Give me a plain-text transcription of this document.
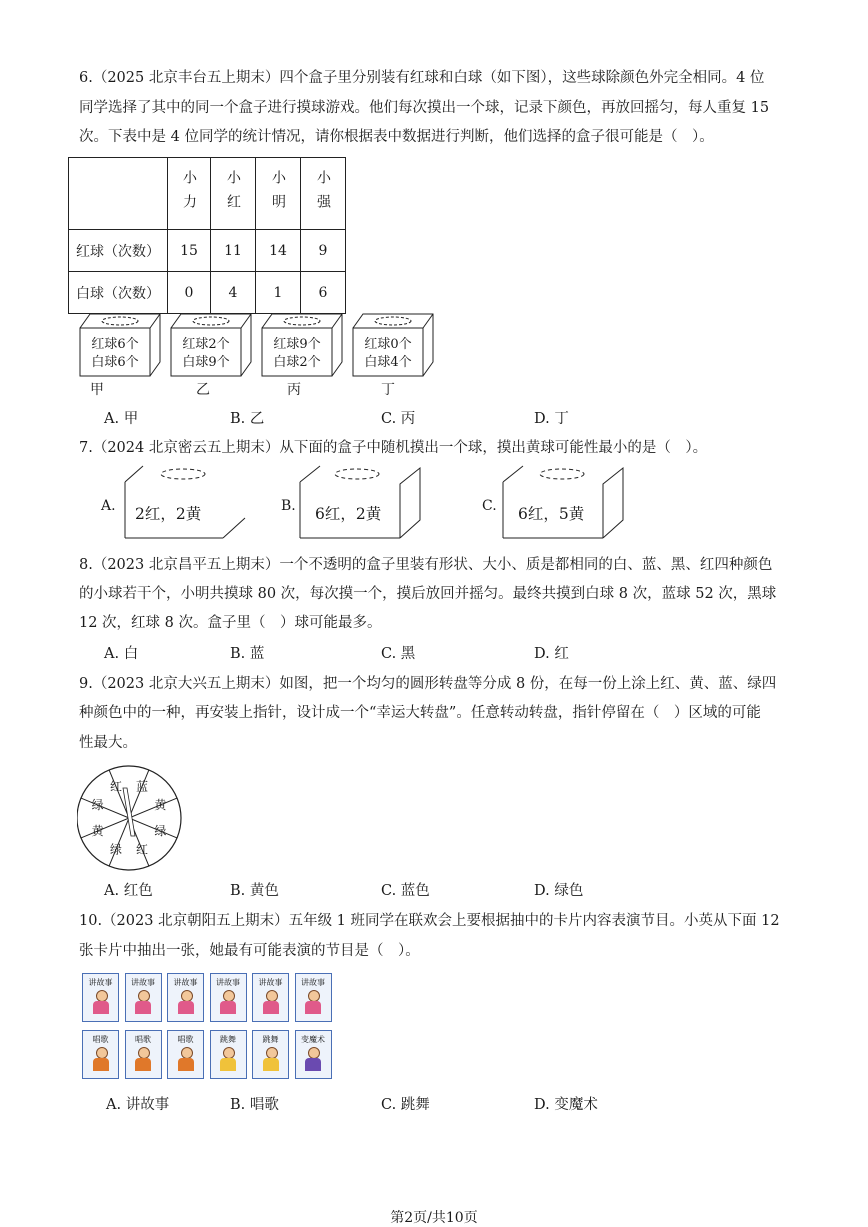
6.（2025 北京丰台五上期末）四个盒子里分别装有红球和白球（如下图），这些球除颜色外完全相同。4 位
同学选择了其中的同一个盒子进行摸球游戏。他们每次摸出一个球，记录下颜色，再放回摇匀，每人重复 15
次。下表中是 4 位同学的统计情况，请你根据表中数据进行判断，他们选择的盒子很可能是（　）。
	小力	小红	小明	小强
红球（次数）	15	11	14	9
白球（次数）	0	4	1	6
红球6个
白球6个
红球2个
白球9个
红球9个
白球2个
红球0个
白球4个
甲	乙	丙	丁
A. 甲	B. 乙	C. 丙	D. 丁
7.（2024 北京密云五上期末）从下面的盒子中随机摸出一个球，摸出黄球可能性最小的是（　）。
A. 2红，2黄	B. 6红，2黄	C. 6红，5黄
8.（2023 北京昌平五上期末）一个不透明的盒子里装有形状、大小、质是都相同的白、蓝、黑、红四种颜色
的小球若干个，小明共摸球 80 次，每次摸一个，摸后放回并摇匀。最终共摸到白球 8 次，蓝球 52 次，黑球
12 次，红球 8 次。盒子里（　）球可能最多。
A. 白	B. 蓝	C. 黑	D. 红
9.（2023 北京大兴五上期末）如图，把一个均匀的圆形转盘等分成 8 份，在每一份上涂上红、黄、蓝、绿四
种颜色中的一种，再安装上指针，设计成一个“幸运大转盘”。任意转动转盘，指针停留在（　）区域的可能
性最大。
蓝
黄
绿
红
绿
黄
绿
红
A. 红色	B. 黄色	C. 蓝色	D. 绿色
10.（2023 北京朝阳五上期末）五年级 1 班同学在联欢会上要根据抽中的卡片内容表演节目。小英从下面 12
张卡片中抽出一张，她最有可能表演的节目是（　）。
讲故事	讲故事	讲故事	讲故事	讲故事	讲故事
唱歌	唱歌	唱歌	跳舞	跳舞	变魔术
A. 讲故事	B. 唱歌	C. 跳舞	D. 变魔术
第2页/共10页
